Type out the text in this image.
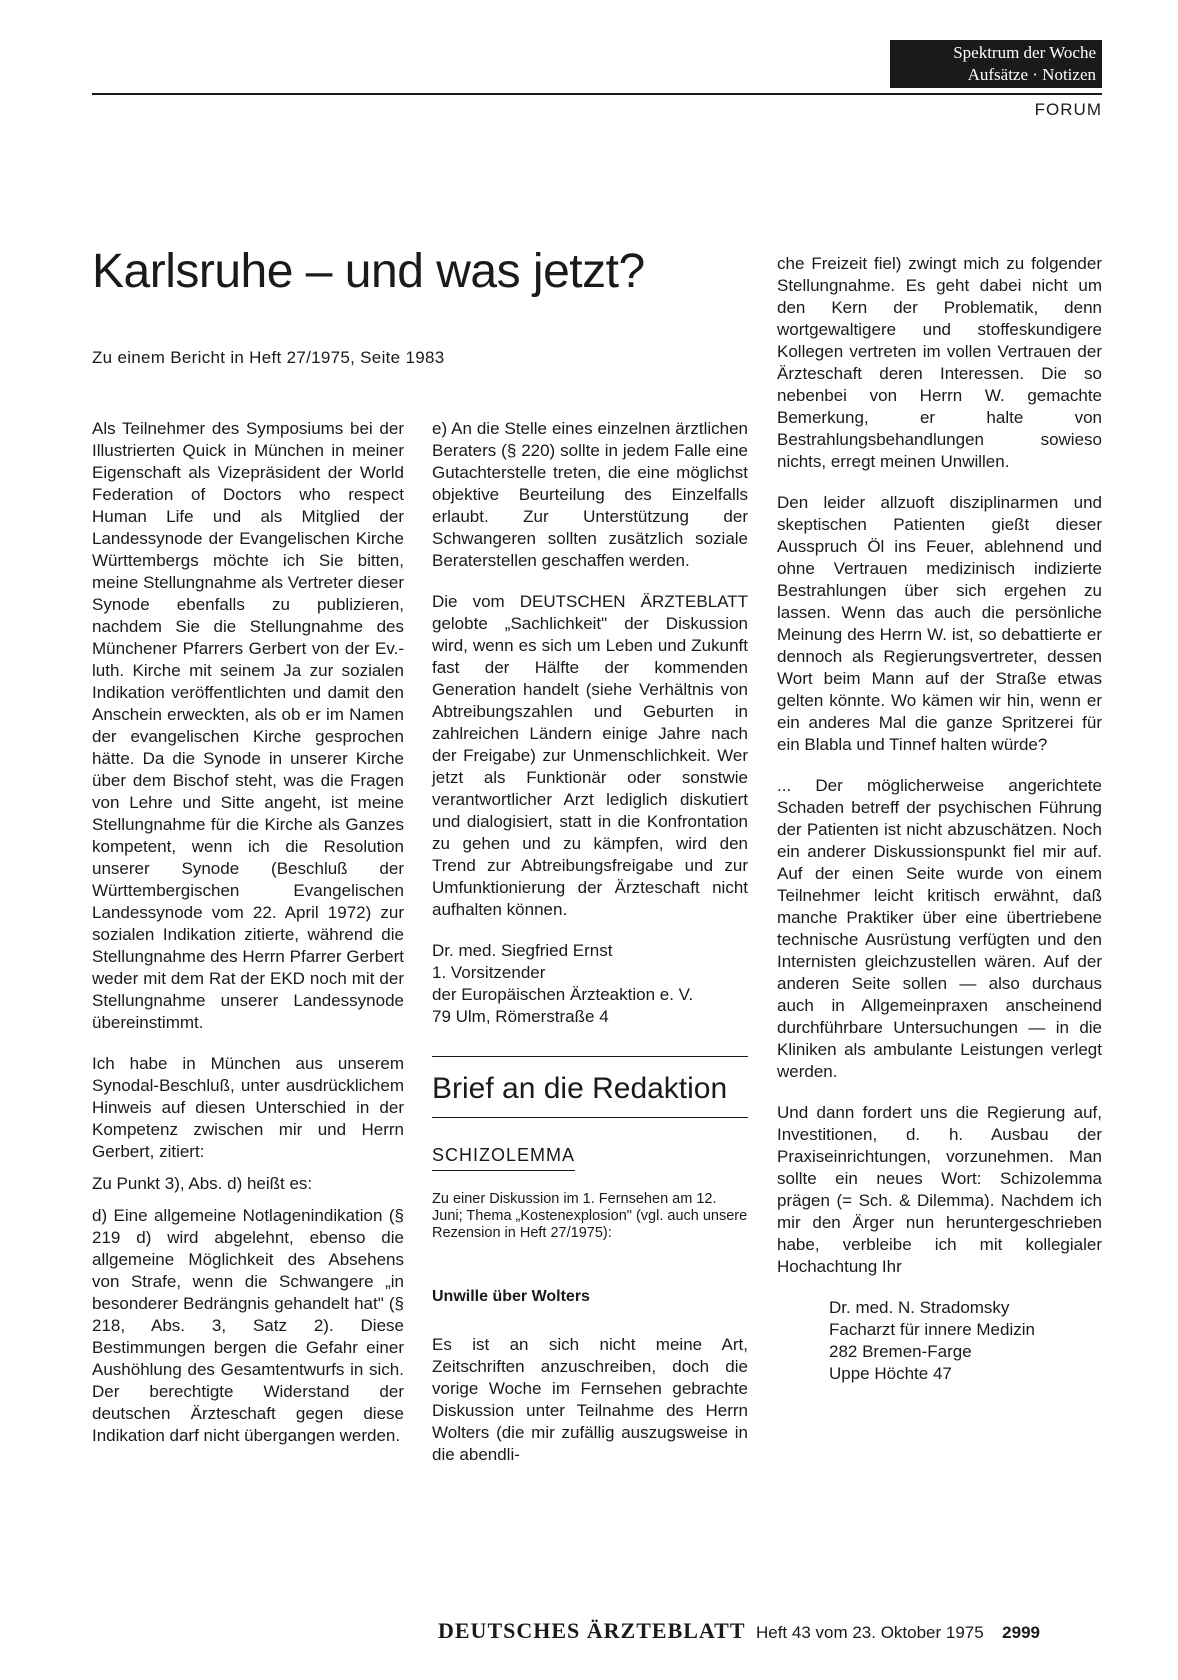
Spektrum der Woche
Aufsätze · Notizen
FORUM
Karlsruhe – und was jetzt?
Zu einem Bericht in Heft 27/1975, Seite 1983

Als Teilnehmer des Symposiums bei der Illustrierten Quick in München in meiner Eigenschaft als Vizepräsident der World Federation of Doctors who respect Human Life und als Mitglied der Landessynode der Evangelischen Kirche Württembergs möchte ich Sie bitten, meine Stellungnahme als Vertreter dieser Synode ebenfalls zu publizieren, nachdem Sie die Stellungnahme des Münchener Pfarrers Gerbert von der Ev.-luth. Kirche mit seinem Ja zur sozialen Indikation veröffentlichten und damit den Anschein erweckten, als ob er im Namen der evangelischen Kirche gesprochen hätte. Da die Synode in unserer Kirche über dem Bischof steht, was die Fragen von Lehre und Sitte angeht, ist meine Stellungnahme für die Kirche als Ganzes kompetent, wenn ich die Resolution unserer Synode (Beschluß der Württembergischen Evangelischen Landessynode vom 22. April 1972) zur sozialen Indikation zitierte, während die Stellungnahme des Herrn Pfarrer Gerbert weder mit dem Rat der EKD noch mit der Stellungnahme unserer Landessynode übereinstimmt.

Ich habe in München aus unserem Synodal-Beschluß, unter ausdrücklichem Hinweis auf diesen Unterschied in der Kompetenz zwischen mir und Herrn Gerbert, zitiert:

Zu Punkt 3), Abs. d) heißt es:

d) Eine allgemeine Notlagenindikation (§ 219 d) wird abgelehnt, ebenso die allgemeine Möglichkeit des Absehens von Strafe, wenn die Schwangere „in besonderer Bedrängnis gehandelt hat" (§ 218, Abs. 3, Satz 2). Diese Bestimmungen bergen die Gefahr einer Aushöhlung des Gesamtentwurfs in sich. Der berechtigte Widerstand der deutschen Ärzteschaft gegen diese Indikation darf nicht übergangen werden.

e) An die Stelle eines einzelnen ärztlichen Beraters (§ 220) sollte in jedem Falle eine Gutachterstelle treten, die eine möglichst objektive Beurteilung des Einzelfalls erlaubt. Zur Unterstützung der Schwangeren sollten zusätzlich soziale Beraterstellen geschaffen werden.

Die vom DEUTSCHEN ÄRZTEBLATT gelobte „Sachlichkeit" der Diskussion wird, wenn es sich um Leben und Zukunft fast der Hälfte der kommenden Generation handelt (siehe Verhältnis von Abtreibungszahlen und Geburten in zahlreichen Ländern einige Jahre nach der Freigabe) zur Unmenschlichkeit. Wer jetzt als Funktionär oder sonstwie verantwortlicher Arzt lediglich diskutiert und dialogisiert, statt in die Konfrontation zu gehen und zu kämpfen, wird den Trend zur Abtreibungsfreigabe und zur Umfunktionierung der Ärzteschaft nicht aufhalten können.

Dr. med. Siegfried Ernst

1. Vorsitzender

der Europäischen Ärzteaktion e. V.

79 Ulm, Römerstraße 4

Brief an die Redaktion
SCHIZOLEMMA

Zu einer Diskussion im 1. Fernsehen am 12. Juni; Thema „Kostenexplosion" (vgl. auch unsere Rezension in Heft 27/1975):

Unwille über Wolters

Es ist an sich nicht meine Art, Zeitschriften anzuschreiben, doch die vorige Woche im Fernsehen gebrachte Diskussion unter Teilnahme des Herrn Wolters (die mir zufällig auszugsweise in die abendli-

che Freizeit fiel) zwingt mich zu folgender Stellungnahme. Es geht dabei nicht um den Kern der Problematik, denn wortgewaltigere und stoffeskundigere Kollegen vertreten im vollen Vertrauen der Ärzteschaft deren Interessen. Die so nebenbei von Herrn W. gemachte Bemerkung, er halte von Bestrahlungsbehandlungen sowieso nichts, erregt meinen Unwillen.

Den leider allzuoft disziplinarmen und skeptischen Patienten gießt dieser Ausspruch Öl ins Feuer, ablehnend und ohne Vertrauen medizinisch indizierte Bestrahlungen über sich ergehen zu lassen. Wenn das auch die persönliche Meinung des Herrn W. ist, so debattierte er dennoch als Regierungsvertreter, dessen Wort beim Mann auf der Straße etwas gelten könnte. Wo kämen wir hin, wenn er ein anderes Mal die ganze Spritzerei für ein Blabla und Tinnef halten würde?

... Der möglicherweise angerichtete Schaden betreff der psychischen Führung der Patienten ist nicht abzuschätzen. Noch ein anderer Diskussionspunkt fiel mir auf. Auf der einen Seite wurde von einem Teilnehmer leicht kritisch erwähnt, daß manche Praktiker über eine übertriebene technische Ausrüstung verfügten und den Internisten gleichzustellen wären. Auf der anderen Seite sollen — also durchaus auch in Allgemeinpraxen anscheinend durchführbare Untersuchungen — in die Kliniken als ambulante Leistungen verlegt werden.

Und dann fordert uns die Regierung auf, Investitionen, d. h. Ausbau der Praxiseinrichtungen, vorzunehmen. Man sollte ein neues Wort: Schizolemma prägen (= Sch. & Dilemma). Nachdem ich mir den Ärger nun heruntergeschrieben habe, verbleibe ich mit kollegialer Hochachtung Ihr

Dr. med. N. Stradomsky

Facharzt für innere Medizin

282 Bremen-Farge

Uppe Höchte 47

DEUTSCHES ÄRZTEBLATT Heft 43 vom 23. Oktober 1975 2999
